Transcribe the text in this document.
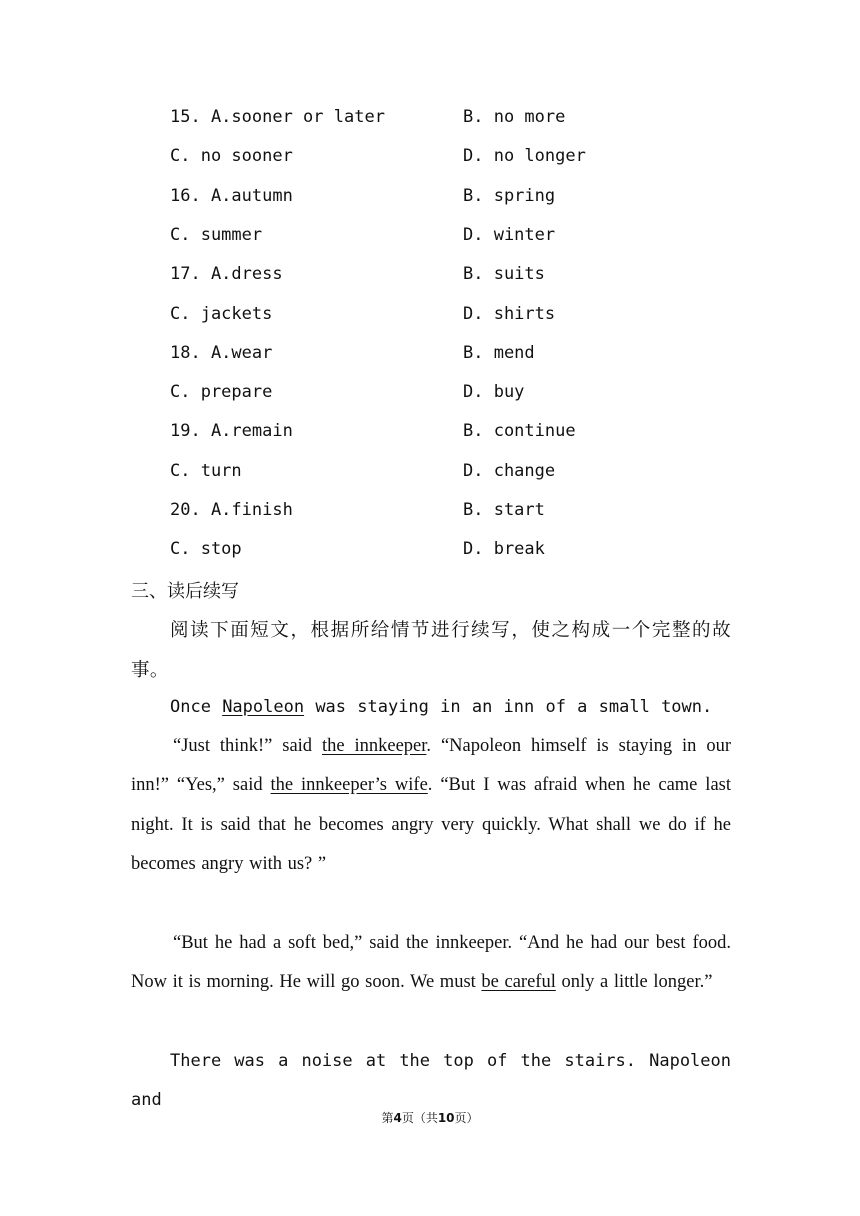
15. A.sooner or later	B. no more
C. no sooner	D. no longer
16. A.autumn	B. spring
C. summer	D. winter
17. A.dress	B. suits
C. jackets	D. shirts
18. A.wear	B. mend
C. prepare	D. buy
19. A.remain	B. continue
C. turn	D. change
20. A.finish	B. start
C. stop	D. break
三、读后续写

阅读下面短文，根据所给情节进行续写，使之构成一个完整的故事。

Once Napoleon was staying in an inn of a small town.

“Just think!” said the innkeeper. “Napoleon himself is staying in our inn!” “Yes,” said the innkeeper’s wife. “But I was afraid when he came last night. It is said that he becomes angry very quickly. What shall we do if he becomes angry with us? ”

“But he had a soft bed,” said the innkeeper. “And he had our best food. Now it is morning. He will go soon. We must be careful only a little longer.”

There was a noise at the top of the stairs. Napoleon and

第4页（共10页）
